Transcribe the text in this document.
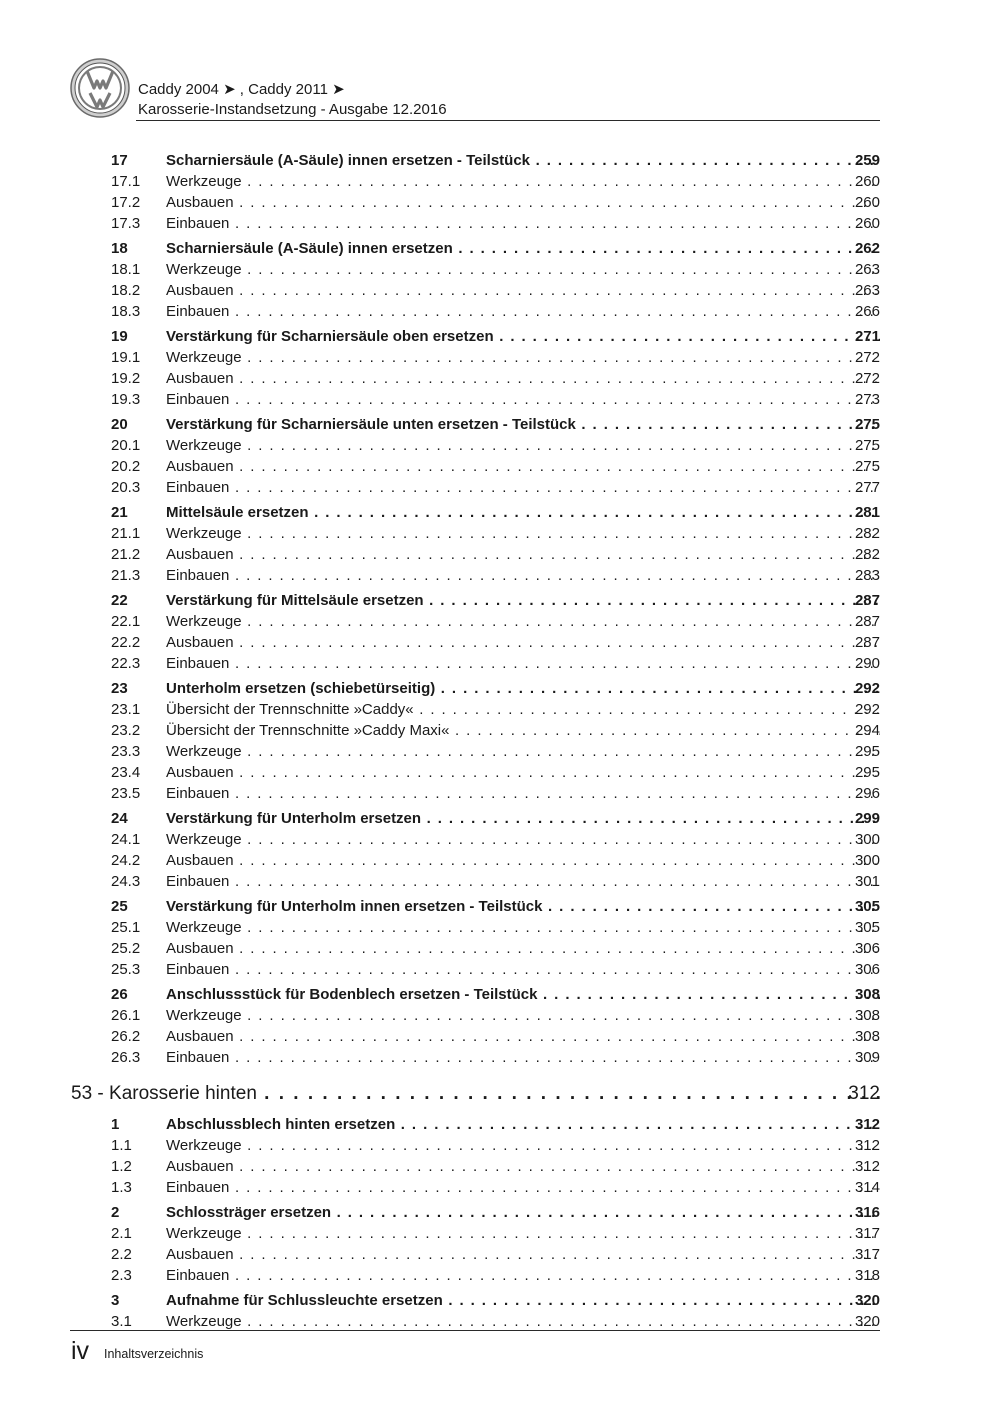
Caddy 2004 ➤ , Caddy 2011 ➤
Karosserie-Instandsetzung - Ausgabe 12.2016
17	Scharniersäule (A-Säule) innen ersetzen - Teilstück . . .	259
17.1 Werkzeuge . . .	260
17.2 Ausbauen . . .	260
17.3 Einbauen . . .	260
18	Scharniersäule (A-Säule) innen ersetzen . . .	262
18.1 Werkzeuge . . .	263
18.2 Ausbauen . . .	263
18.3 Einbauen . . .	266
19	Verstärkung für Scharniersäule oben ersetzen . . .	271
19.1 Werkzeuge . . .	272
19.2 Ausbauen . . .	272
19.3 Einbauen . . .	273
20	Verstärkung für Scharniersäule unten ersetzen - Teilstück . . .	275
20.1 Werkzeuge . . .	275
20.2 Ausbauen . . .	275
20.3 Einbauen . . .	277
21	Mittelsäule ersetzen . . .	281
21.1 Werkzeuge . . .	282
21.2 Ausbauen . . .	282
21.3 Einbauen . . .	283
22	Verstärkung für Mittelsäule ersetzen . . .	287
22.1 Werkzeuge . . .	287
22.2 Ausbauen . . .	287
22.3 Einbauen . . .	290
23	Unterholm ersetzen (schiebetürseitig) . . .	292
23.1 Übersicht der Trennschnitte »Caddy« . . .	292
23.2 Übersicht der Trennschnitte »Caddy Maxi« . . .	294
23.3 Werkzeuge . . .	295
23.4 Ausbauen . . .	295
23.5 Einbauen . . .	296
24	Verstärkung für Unterholm ersetzen . . .	299
24.1 Werkzeuge . . .	300
24.2 Ausbauen . . .	300
24.3 Einbauen . . .	301
25	Verstärkung für Unterholm innen ersetzen - Teilstück . . .	305
25.1 Werkzeuge . . .	305
25.2 Ausbauen . . .	306
25.3 Einbauen . . .	306
26	Anschlussstück für Bodenblech ersetzen - Teilstück . . .	308
26.1 Werkzeuge . . .	308
26.2 Ausbauen . . .	308
26.3 Einbauen . . .	309
53 - Karosserie hinten . . .	312
1	Abschlussblech hinten ersetzen . . .	312
1.1 Werkzeuge . . .	312
1.2 Ausbauen . . .	312
1.3 Einbauen . . .	314
2	Schlossträger ersetzen . . .	316
2.1 Werkzeuge . . .	317
2.2 Ausbauen . . .	317
2.3 Einbauen . . .	318
3	Aufnahme für Schlussleuchte ersetzen . . .	320
3.1 Werkzeuge . . .	320
iv Inhaltsverzeichnis
